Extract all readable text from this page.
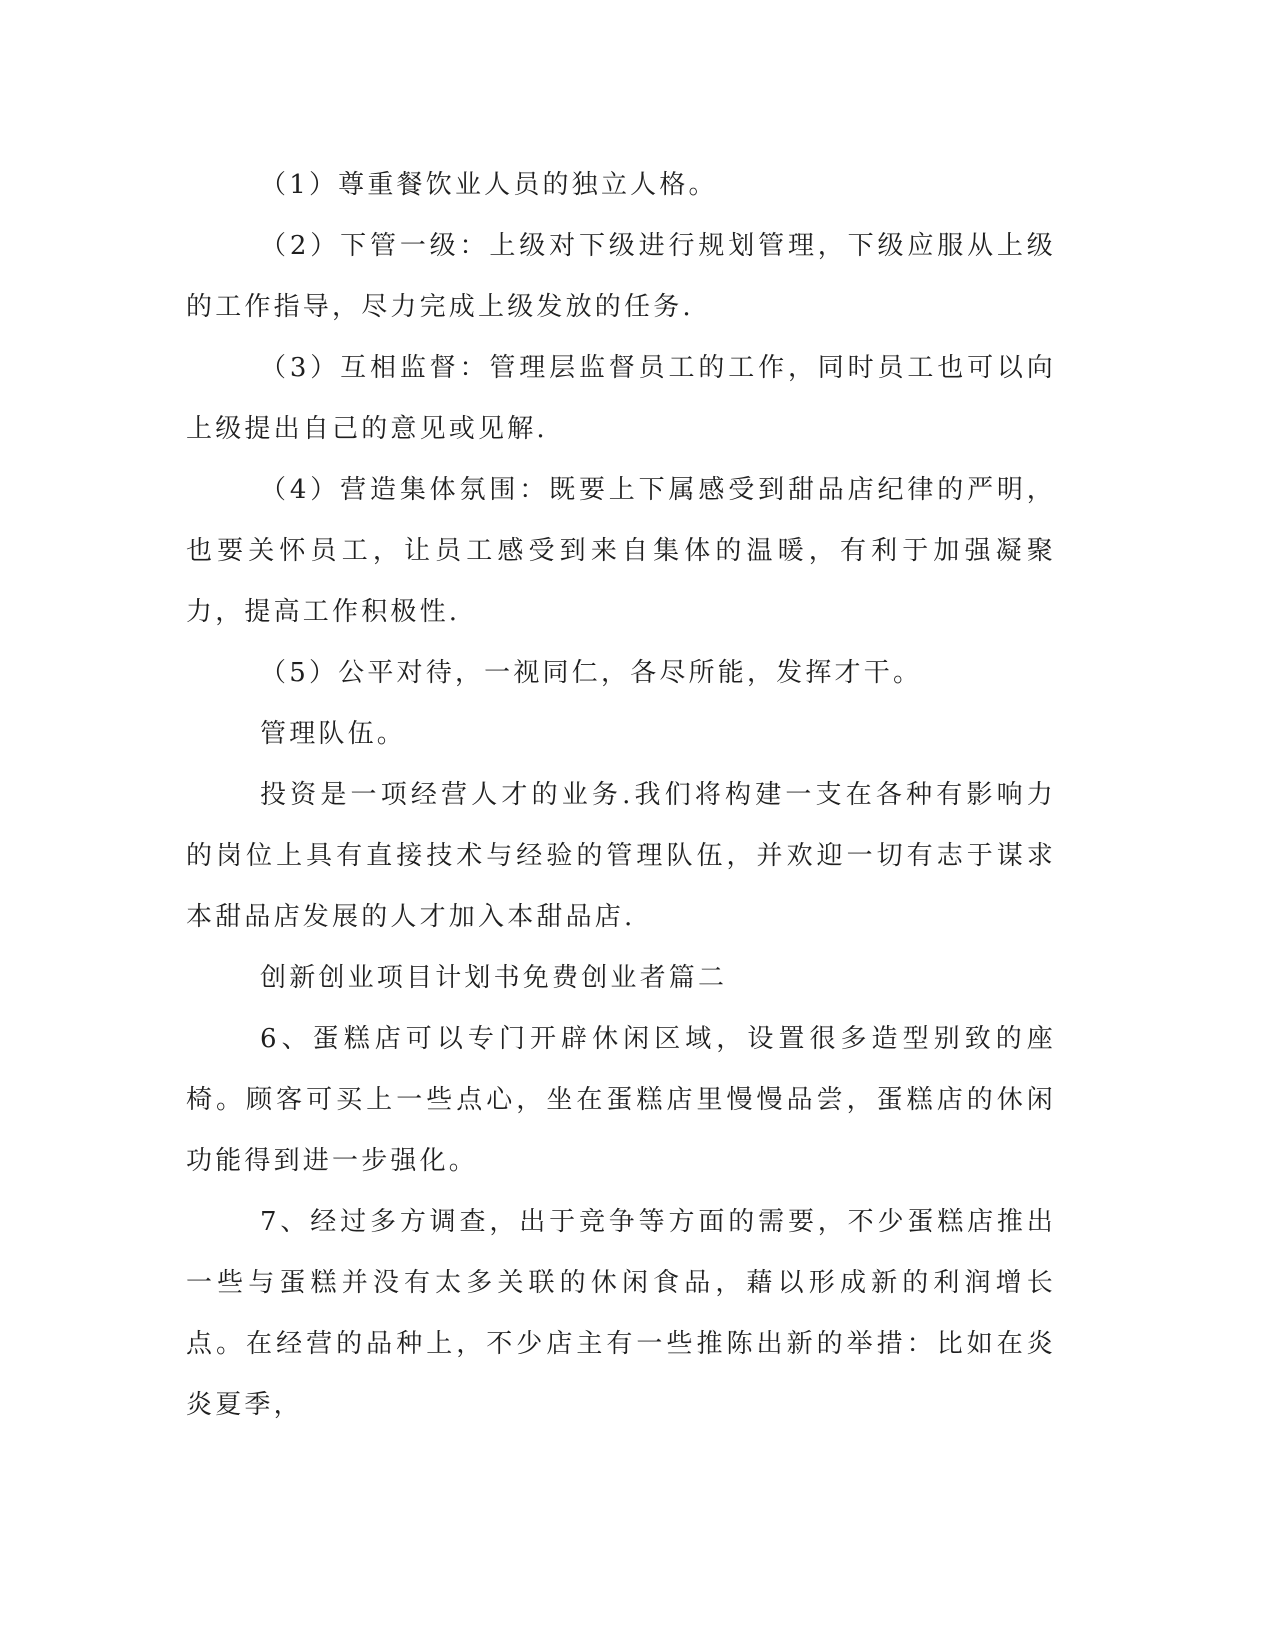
（1）尊重餐饮业人员的独立人格。

（2）下管一级：上级对下级进行规划管理，下级应服从上级的工作指导，尽力完成上级发放的任务.

（3）互相监督：管理层监督员工的工作，同时员工也可以向上级提出自己的意见或见解.

（4）营造集体氛围：既要上下属感受到甜品店纪律的严明，也要关怀员工，让员工感受到来自集体的温暖，有利于加强凝聚力，提高工作积极性.

（5）公平对待，一视同仁，各尽所能，发挥才干。

管理队伍。

投资是一项经营人才的业务.我们将构建一支在各种有影响力的岗位上具有直接技术与经验的管理队伍，并欢迎一切有志于谋求本甜品店发展的人才加入本甜品店.

创新创业项目计划书免费创业者篇二

6、蛋糕店可以专门开辟休闲区域，设置很多造型别致的座椅。顾客可买上一些点心，坐在蛋糕店里慢慢品尝，蛋糕店的休闲功能得到进一步强化。

7、经过多方调查，出于竞争等方面的需要，不少蛋糕店推出一些与蛋糕并没有太多关联的休闲食品，藉以形成新的利润增长点。在经营的品种上，不少店主有一些推陈出新的举措：比如在炎炎夏季，
